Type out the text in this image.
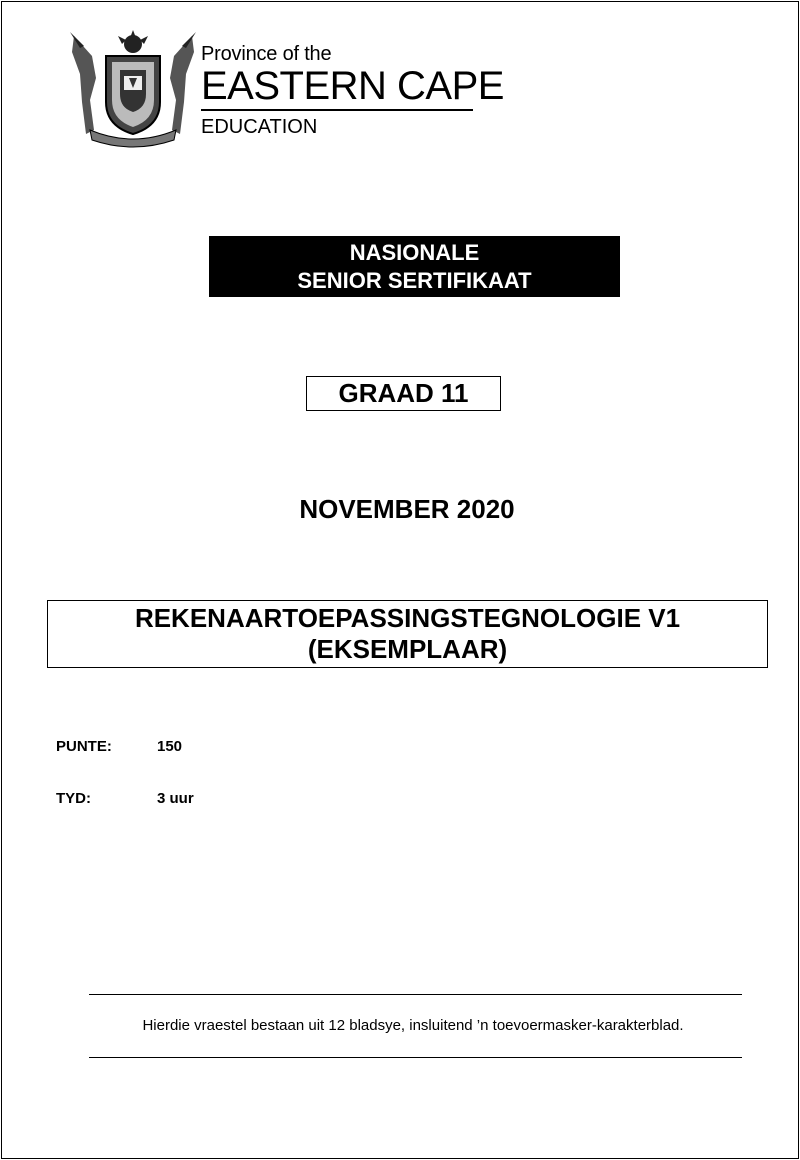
Province of the
EASTERN CAPE
EDUCATION
NASIONALE
SENIOR SERTIFIKAAT
GRAAD 11
NOVEMBER 2020
REKENAARTOEPASSINGSTEGNOLOGIE V1
(EKSEMPLAAR)
PUNTE:	150
TYD:	3 uur
Hierdie vraestel bestaan uit 12 bladsye, insluitend ’n toevoermasker-karakterblad.
